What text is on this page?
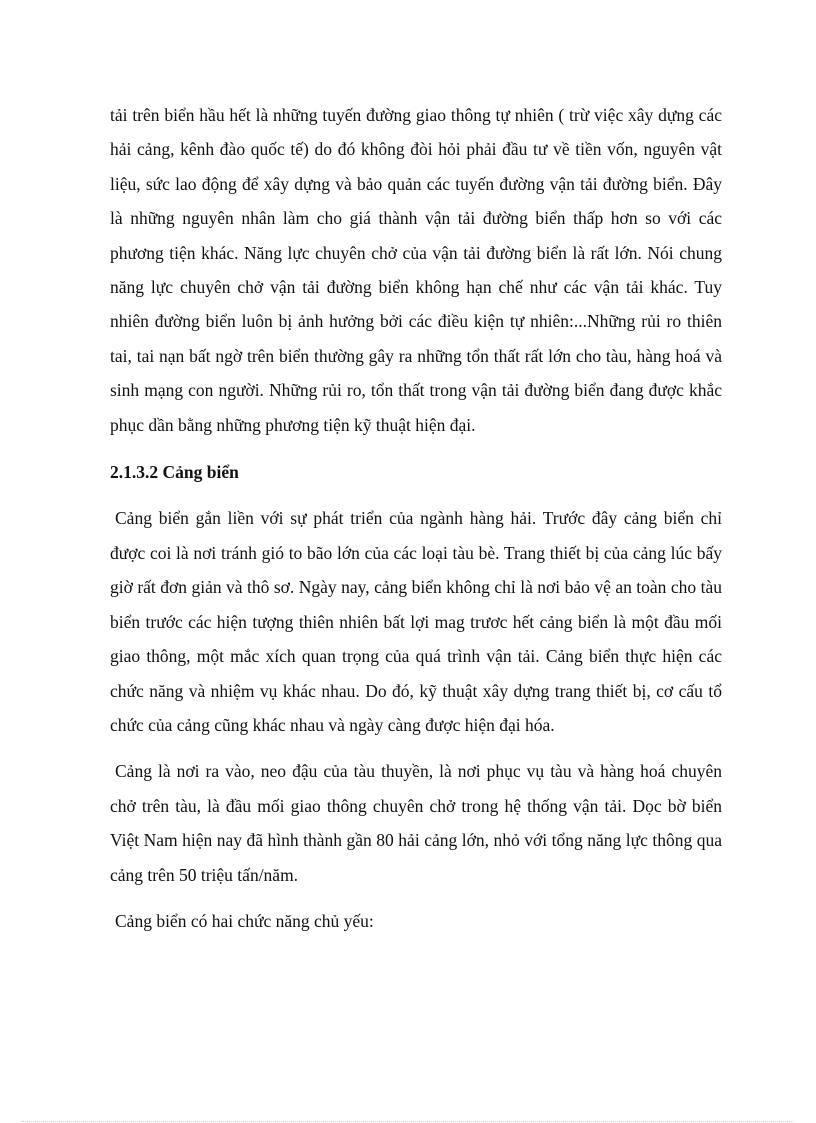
tải trên biển hầu hết là những tuyến đường giao thông tự nhiên ( trừ việc xây dựng các hải cảng, kênh đào quốc tế) do đó không đòi hỏi phải đầu tư về tiền vốn, nguyên vật liệu, sức lao động để xây dựng và bảo quản các tuyến đường vận tải đường biển. Đây là những nguyên nhân làm cho giá thành vận tải đường biển thấp hơn so với các phương tiện khác. Năng lực chuyên chở của vận tải đường biển là rất lớn. Nói chung năng lực chuyên chở vận tải đường biển không hạn chế như các vận tải khác. Tuy nhiên đường biển luôn bị ảnh hưởng bởi các điều kiện tự nhiên:...Những rủi ro thiên tai, tai nạn bất ngờ trên biển thường gây ra những tổn thất rất lớn cho tàu, hàng hoá và sinh mạng con người. Những rủi ro, tổn thất trong vận tải đường biển đang được khắc phục dần bằng những phương tiện kỹ thuật hiện đại.

2.1.3.2 Cảng biển

Cảng biển gắn liền với sự phát triển của ngành hàng hải. Trước đây cảng biển chỉ được coi là nơi tránh gió to bão lớn của các loại tàu bè. Trang thiết bị của cảng lúc bấy giờ rất đơn giản và thô sơ. Ngày nay, cảng biển không chỉ là nơi bảo vệ an toàn cho tàu biển trước các hiện tượng thiên nhiên bất lợi mag trươc hết cảng biển là một đầu mối giao thông, một mắc xích quan trọng của quá trình vận tải. Cảng biển thực hiện các chức năng và nhiệm vụ khác nhau. Do đó, kỹ thuật xây dựng trang thiết bị, cơ cấu tổ chức của cảng cũng khác nhau và ngày càng được hiện đại hóa.

Cảng là nơi ra vào, neo đậu của tàu thuyền, là nơi phục vụ tàu và hàng hoá chuyên chở trên tàu, là đầu mối giao thông chuyên chở trong hệ thống vận tải. Dọc bờ biển Việt Nam hiện nay đã hình thành gần 80 hải cảng lớn, nhỏ với tổng năng lực thông qua cảng trên 50 triệu tấn/năm.

Cảng biển có hai chức năng chủ yếu:
